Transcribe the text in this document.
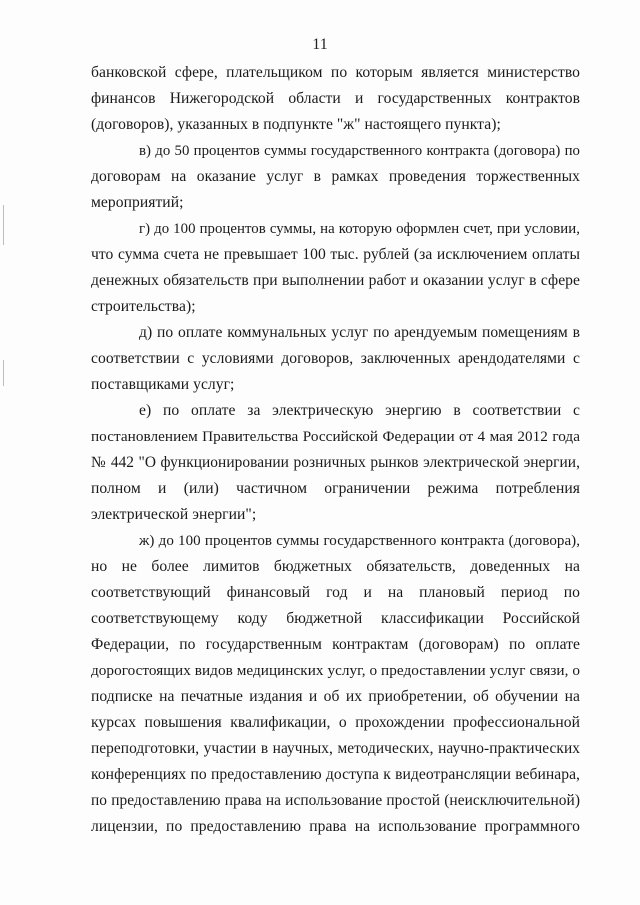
11
банковской сфере, плательщиком по которым является министерство
финансов Нижегородской области и государственных контрактов
(договоров), указанных в подпункте "ж" настоящего пункта);
в) до 50 процентов суммы государственного контракта (договора) по
договорам на оказание услуг в рамках проведения торжественных
мероприятий;
г) до 100 процентов суммы, на которую оформлен счет, при условии,
что сумма счета не превышает 100 тыс. рублей (за исключением оплаты
денежных обязательств при выполнении работ и оказании услуг в сфере
строительства);
д) по оплате коммунальных услуг по арендуемым помещениям в
соответствии с условиями договоров, заключенных арендодателями с
поставщиками услуг;
е) по оплате за электрическую энергию в соответствии с
постановлением Правительства Российской Федерации от 4 мая 2012 года
№ 442 "О функционировании розничных рынков электрической энергии,
полном и (или) частичном ограничении режима потребления
электрической энергии";
ж) до 100 процентов суммы государственного контракта (договора),
но не более лимитов бюджетных обязательств, доведенных на
соответствующий финансовый год и на плановый период по
соответствующему коду бюджетной классификации Российской
Федерации, по государственным контрактам (договорам) по оплате
дорогостоящих видов медицинских услуг, о предоставлении услуг связи, о
подписке на печатные издания и об их приобретении, об обучении на
курсах повышения квалификации, о прохождении профессиональной
переподготовки, участии в научных, методических, научно-практических
конференциях по предоставлению доступа к видеотрансляции вебинара,
по предоставлению права на использование простой (неисключительной)
лицензии, по предоставлению права на использование программного
